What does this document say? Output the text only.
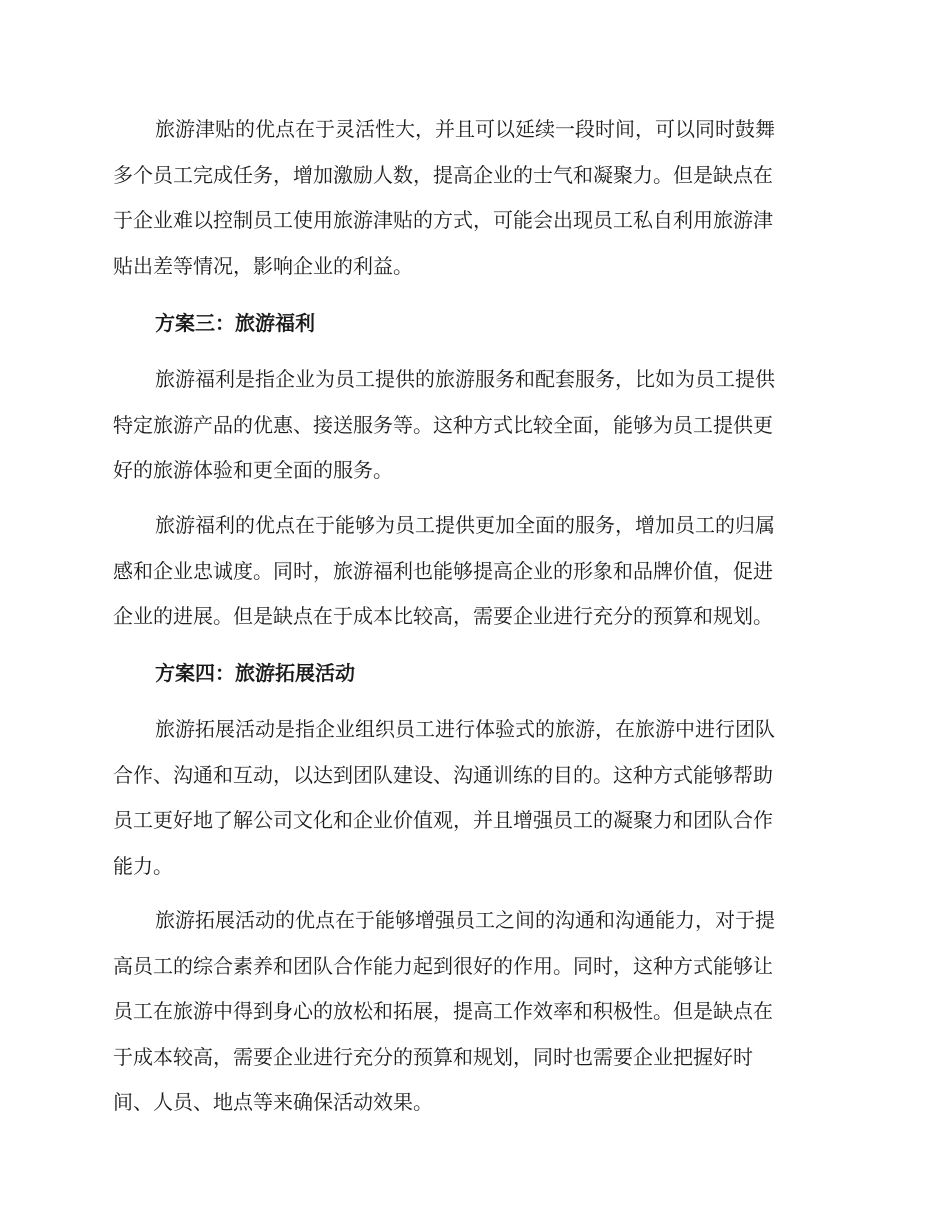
旅游津贴的优点在于灵活性大，并且可以延续一段时间，可以同时鼓舞
多个员工完成任务，增加激励人数，提高企业的士气和凝聚力。但是缺点在
于企业难以控制员工使用旅游津贴的方式，可能会出现员工私自利用旅游津
贴出差等情况，影响企业的利益。
方案三：旅游福利
旅游福利是指企业为员工提供的旅游服务和配套服务，比如为员工提供
特定旅游产品的优惠、接送服务等。这种方式比较全面，能够为员工提供更
好的旅游体验和更全面的服务。
旅游福利的优点在于能够为员工提供更加全面的服务，增加员工的归属
感和企业忠诚度。同时，旅游福利也能够提高企业的形象和品牌价值，促进
企业的进展。但是缺点在于成本比较高，需要企业进行充分的预算和规划。
方案四：旅游拓展活动
旅游拓展活动是指企业组织员工进行体验式的旅游，在旅游中进行团队
合作、沟通和互动，以达到团队建设、沟通训练的目的。这种方式能够帮助
员工更好地了解公司文化和企业价值观，并且增强员工的凝聚力和团队合作
能力。
旅游拓展活动的优点在于能够增强员工之间的沟通和沟通能力，对于提
高员工的综合素养和团队合作能力起到很好的作用。同时，这种方式能够让
员工在旅游中得到身心的放松和拓展，提高工作效率和积极性。但是缺点在
于成本较高，需要企业进行充分的预算和规划，同时也需要企业把握好时
间、人员、地点等来确保活动效果。
